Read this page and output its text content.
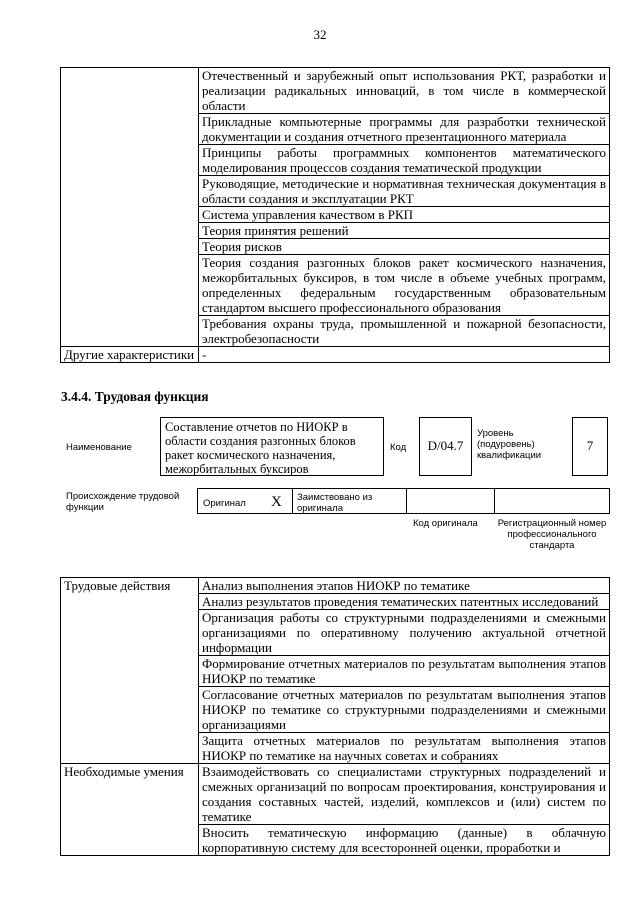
32
	Отечественный и зарубежный опыт использования РКТ, разработки и реализации радикальных инноваций, в том числе в коммерческой области
	Прикладные компьютерные программы для разработки технической документации и создания отчетного презентационного материала
	Принципы работы программных компонентов математического моделирования процессов создания тематической продукции
	Руководящие, методические и нормативная техническая документация в области создания и эксплуатации РКТ
	Система управления качеством в РКП
	Теория принятия решений
	Теория рисков
	Теория создания разгонных блоков ракет космического назначения, межорбитальных буксиров, в том числе в объеме учебных программ, определенных федеральным государственным образовательным стандартом высшего профессионального образования
	Требования охраны труда, промышленной и пожарной безопасности, электробезопасности
Другие характеристики	-
3.4.4. Трудовая функция
Наименование
Составление отчетов по НИОКР в области создания разгонных блоков ракет космического назначения, межорбитальных буксиров
Код	D/04.7
Уровень (подуровень) квалификации
7
Происхождение трудовой функции	Оригинал X Заимствовано из оригинала
Код оригинала Регистрационный номер профессионального стандарта
Трудовые действия	Анализ выполнения этапов НИОКР по тематике
	Анализ результатов проведения тематических патентных исследований
	Организация работы со структурными подразделениями и смежными организациями по оперативному получению актуальной отчетной информации
	Формирование отчетных материалов по результатам выполнения этапов НИОКР по тематике
	Согласование отчетных материалов по результатам выполнения этапов НИОКР по тематике со структурными подразделениями и смежными организациями
	Защита отчетных материалов по результатам выполнения этапов НИОКР по тематике на научных советах и собраниях
Необходимые умения	Взаимодействовать со специалистами структурных подразделений и смежных организаций по вопросам проектирования, конструирования и создания составных частей, изделий, комплексов и (или) систем по тематике
	Вносить тематическую информацию (данные) в облачную корпоративную систему для всесторонней оценки, проработки и
